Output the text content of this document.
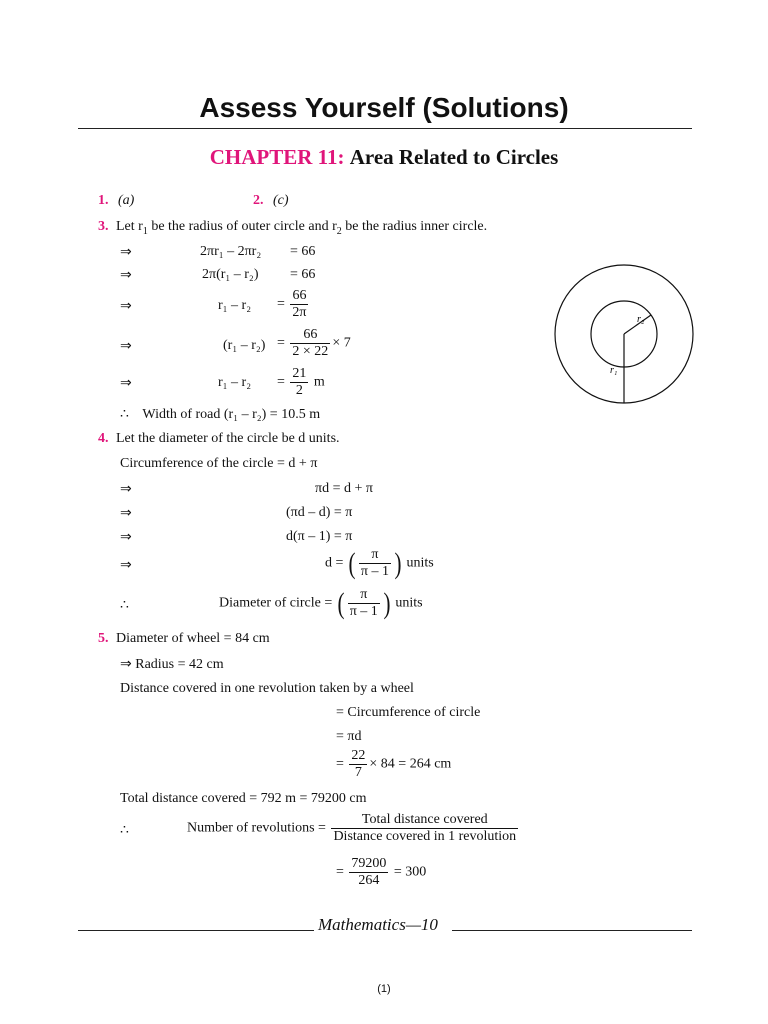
Assess Yourself (Solutions)
CHAPTER 11: Area Related to Circles
1. (a)	2. (c)
3. Let $r_1$ be the radius of outer circle and $r_2$ be the radius inner circle.
⇒	2πr₁ – 2πr₂ = 66
⇒	2π(r₁ – r₂) = 66
⇒	$r_1 - r_2 = \frac{66}{2\pi}$
⇒	$(r_1 - r_2) = \frac{66}{2 \times 22} \times 7$
⇒	$r_1 - r_2 = \frac{21}{2}$ m
∴ Width of road (r₁ – r₂) = 10.5 m
r₁
r₂
4. Let the diameter of the circle be d units.
Circumference of the circle = d + π
⇒	πd = d + π
⇒	(πd – d) = π
⇒	d(π – 1) = π
⇒	d = ( $\frac{\pi}{\pi - 1}$ ) units
∴	Diameter of circle = ( $\frac{\pi}{\pi - 1}$ ) units
5. Diameter of wheel = 84 cm
⇒ Radius = 42 cm
Distance covered in one revolution taken by a wheel
= Circumference of circle
= πd
= $\frac{22}{7} \times 84 = 264$ cm
Total distance covered = 792 m = 79200 cm
∴	Number of revolutions = $\frac{\text{Total distance covered}}{\text{Distance covered in 1 revolution}}$
= $\frac{79200}{264} = 300$
Mathematics—10
(1)
